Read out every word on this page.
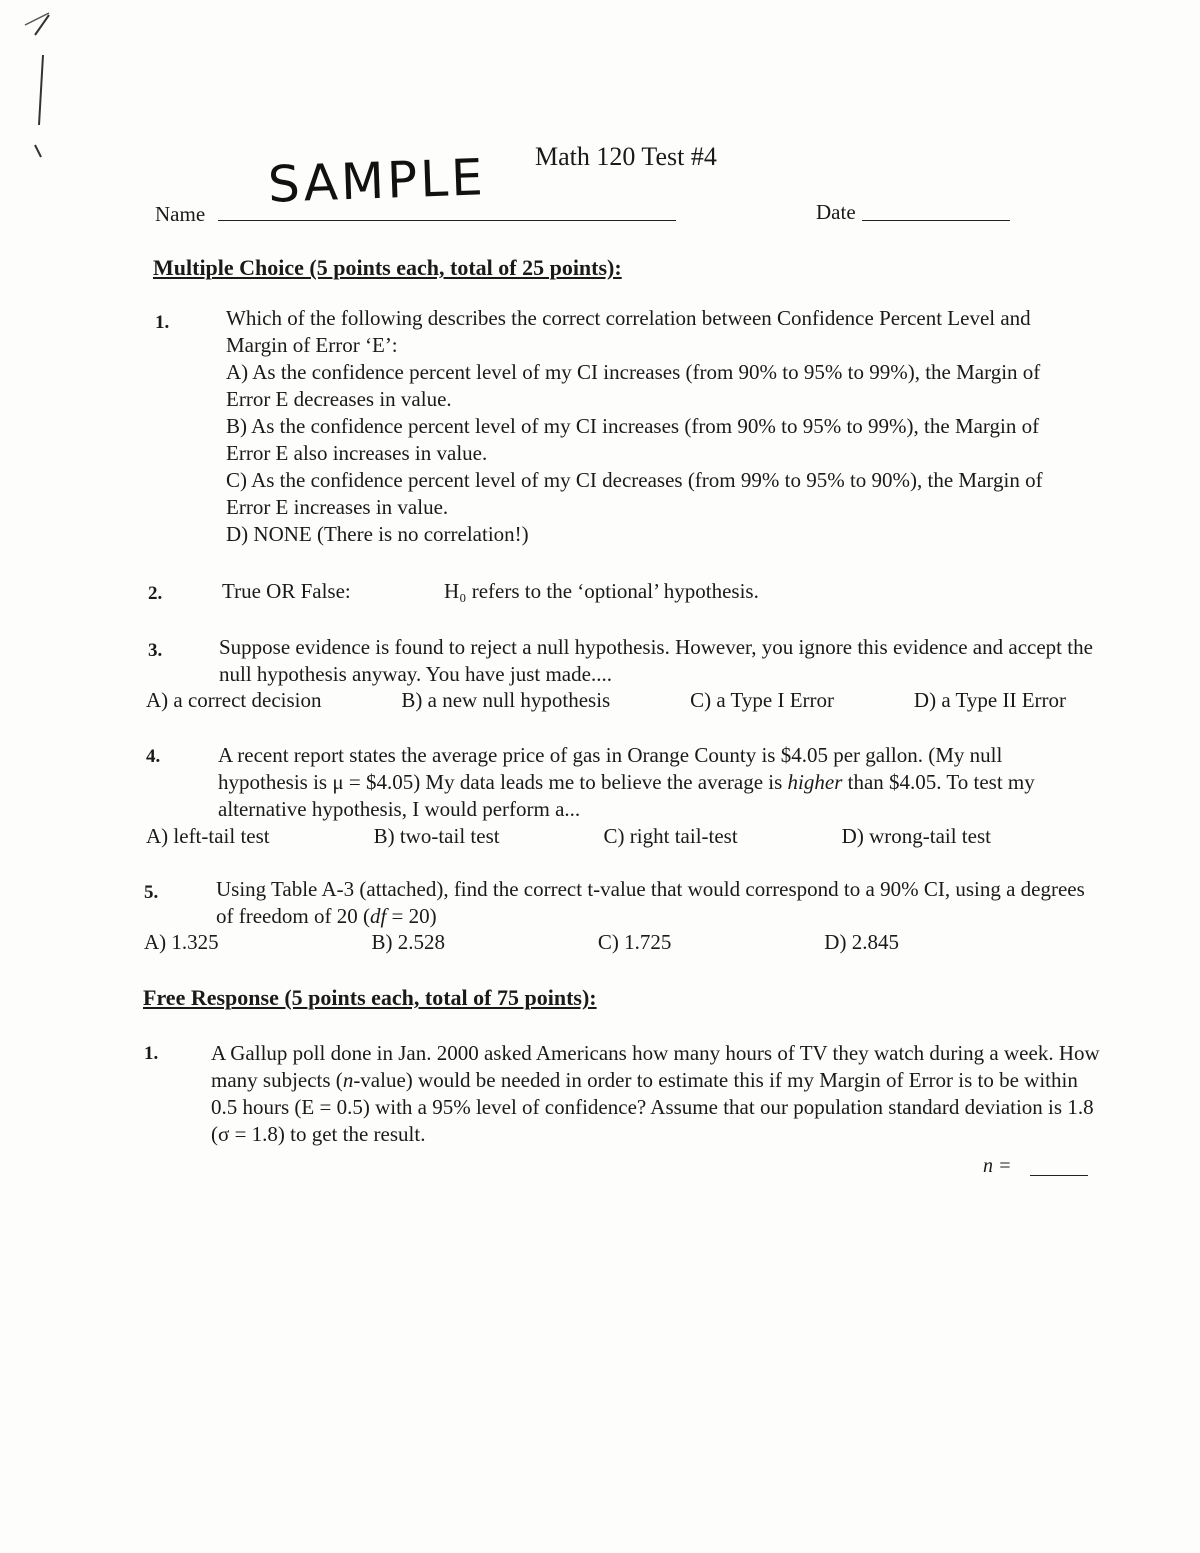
Math 120 Test #4
Name
SAMPLE	Date
Multiple Choice (5 points each, total of 25 points):
1.	Which of the following describes the correct correlation between Confidence Percent Level and Margin of Error ‘E’:
A) As the confidence percent level of my CI increases (from 90% to 95% to 99%), the Margin of Error E decreases in value.
B) As the confidence percent level of my CI increases (from 90% to 95% to 99%), the Margin of Error E also increases in value.
C) As the confidence percent level of my CI decreases (from 99% to 95% to 90%), the Margin of Error E increases in value.
D) NONE (There is no correlation!)
2.	True OR False:	H₀ refers to the ‘optional’ hypothesis.
3.	Suppose evidence is found to reject a null hypothesis. However, you ignore this evidence and accept the null hypothesis anyway. You have just made....
A) a correct decision	B) a new null hypothesis	C) a Type I Error	D) a Type II Error
4.	A recent report states the average price of gas in Orange County is $4.05 per gallon. (My null hypothesis is μ = $4.05) My data leads me to believe the average is higher than $4.05. To test my alternative hypothesis, I would perform a...
A) left-tail test	B) two-tail test	C) right tail-test	D) wrong-tail test
5.	Using Table A-3 (attached), find the correct t-value that would correspond to a 90% CI, using a degrees of freedom of 20 (df = 20)
A) 1.325	B) 2.528	C) 1.725	D) 2.845
Free Response (5 points each, total of 75 points):
1.	A Gallup poll done in Jan. 2000 asked Americans how many hours of TV they watch during a week. How many subjects (n-value) would be needed in order to estimate this if my Margin of Error is to be within 0.5 hours (E = 0.5) with a 95% level of confidence? Assume that our population standard deviation is 1.8 (σ = 1.8) to get the result.
n =
